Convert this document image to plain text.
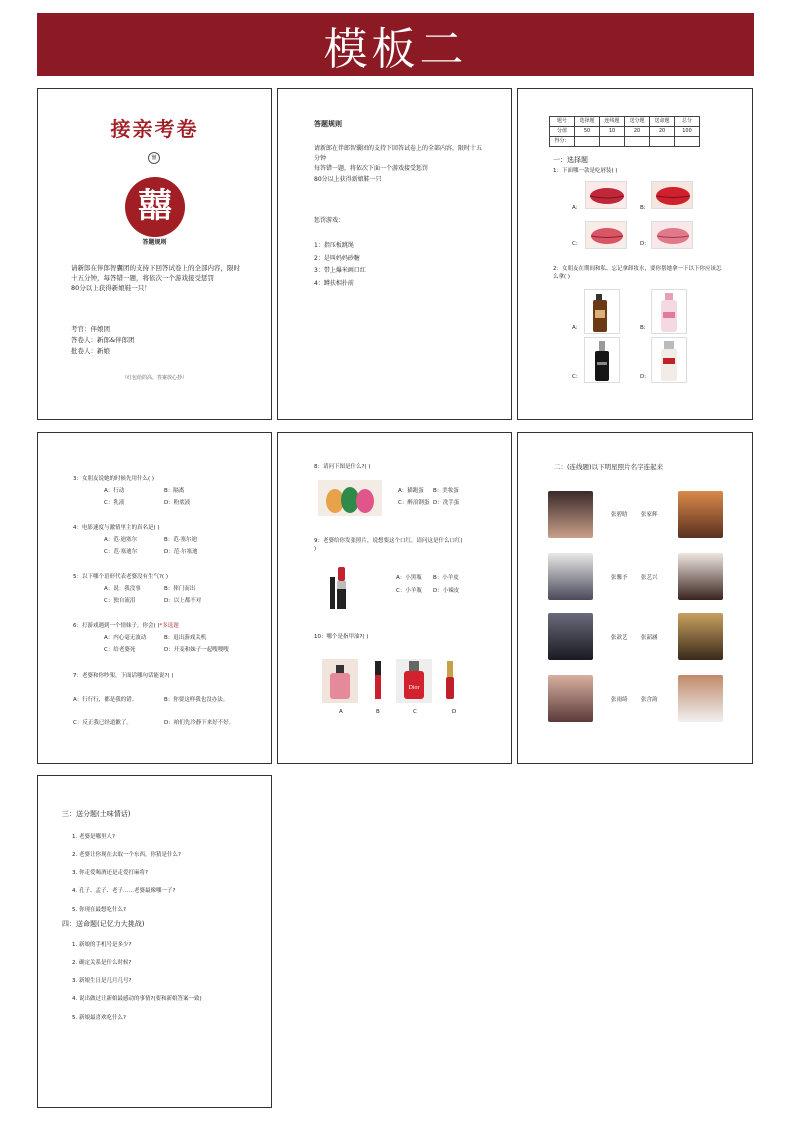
模板二
接亲考卷
囍
囍
答题规则
请新郎在伴郎智囊团的支持下回答试卷上的全部内容，限时十五分钟，每答错一题，将依次一个游戏接受惩罚
80分以上获得新娘鞋一只！
考官：伴娘团
答卷人：新郎&伴郎团
批卷人：新娘
（红包给的高，答案放心抄）
答题规则
请新郎在伴郎智囊团的支持下回答试卷上的全部内容，限时十五分钟
每答错一题，将依次下面一个游戏接受惩罚
80分以上获得新娘鞋一只
惩罚游戏：
1：指压板跳绳
2：是叫妈妈砂糖
3：带上爆米画口红
4：蹲扶相扑前
题号	选择题	连线题	送分题	送命题	总分
分值	50	10	20	20	100
得分：					
一：选择题
1：下面哪一款是吃唇装( )
A:	B:
C:	D:
2：女朋友在期间和私、忘记拿卸妆水，要你帮她拿一下以下你应该怎么拿( )
A:	B:
C:	D:
3：女朋友说她的时候先用什么( )
A：行动	B：隔离
C：乳液	D：粉底液
4：电影速度与激情里主的真名是( )
A：范·迪塞尔	B：范·塞尔迪
C：范·塞迪尔	D：范·尔塞迪
5：以下哪个语形代表老婆没有生气?( )
A：说：我没事	B：摔门而出
C：独自流泪	D：以上都不对
6：打游戏遇到一个情妹子，你会( )*多选题
A：内心毫无波动	B：退出游戏关机
C：给老婆死	D：开麦和妹子一起嗖嗖嗖
7：老婆和你吵架，下面话哪句话能说?( )
A：行行行，都是我的错。	B：你要这样我也没办法。
C：反正我已经道歉了。	D：咱们先冷静下来好不好。
8：请问下图是什么?( )
A：猫跑蛋 B：美妆蛋
C：醉浪钢蛋 D：洗手蛋
9：老婆给你发张照片，说想要这个口红，请问这是什么口红( )
A：小黑瓶 B：小羊皮
C：小羊瓶 D：小辣皮
10：哪个是指甲油?( )
Dior
A	B	C	D
二：(连线题)以下明星照片名字连起来
张碧晗 张家辉
张馨予 张艺兴
张歆艺 张韶涵
张雨绮 张含韵
三：送分题(土味情话)
1. 老婆是哪里人?
2. 老婆让你现在去取一个东西，你猜是什么?
3. 你走爱喝酒还是走爱打麻将?
4. 孔子、孟子、老子……老婆最像哪一子?
5. 你现在最想吃什么?
四：送命题(记忆力大挑战)
1. 新娘的手机号是多少?
2. 确定关系是什么时候?
3. 新娘生日是几月几号?
4. 说出做过让新娘最感动的事情?(要和新娘答案一致)
5. 新娘最喜欢吃什么?
